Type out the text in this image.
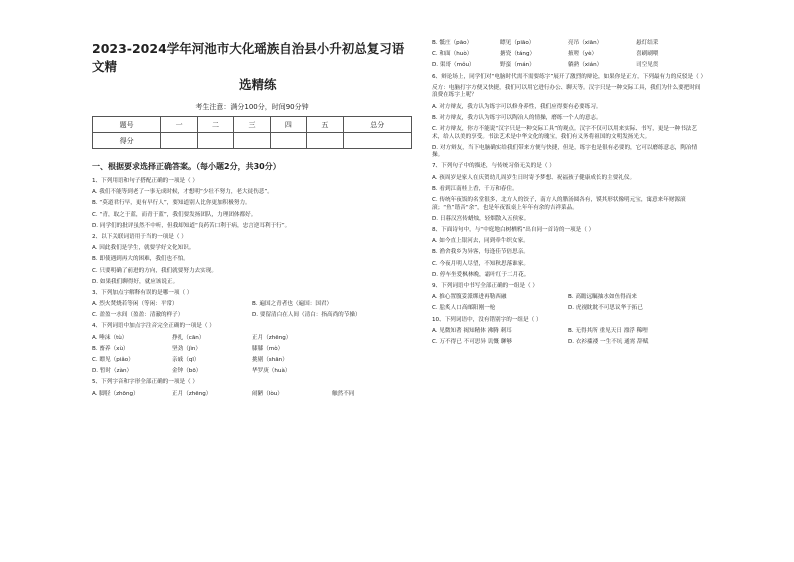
2023-2024学年河池市大化瑶族自治县小升初总复习语文精
选精练
考生注意：满分100分，时间90分钟
题号	一	二	三	四	五	总分
得分						
一、根据要求选择正确答案。（每小题2分，共30分）
1、下列用语和句子搭配正确的一项是（ ）
A. 我们不能等到老了一事无成时候，才想明“少壮不努力，老大徒伤悲”。
B. “莫道君行早，更有早行人”，要知道别人比你更加积极努力。
C. “青，取之于蓝，而青于蓝”，我们要发扬团队，力理团体都好。
D. 同学们的批评虽然不中听，但我却知道“良药苦口利于病，忠言逆耳利于行”。
2、以下关联词语用于当的一项是（ ）
A. 因此我们是学生，就要学好文化知识。
B. 即使遇到再大的困难，我们也不怕。
C. 只要明确了前进的方向，我们就要努力去实现。
D. 如果我们聊得好，就应该说正。
3、下列加点字解释有误的是哪一项（ ）
A. 烈火焚烧若等闲（等闲：平常）	B. 遍国之青者也（遍国：国君）
C. 盈盈一水间（盈盈：清澈的样子）	D. 要留清白在人间（清白：指高尚的节操）
4、下列词语中加点字注音完全正确的一项是（ ）
A. 唾沫（tù）	挣扎（cān）	正月（zhēng）
B. 畜养（xù）	坚劲（jìn）	膝膝（mò）
C. 瞟见（piǎo）	亲戚（qī）	挑剔（shān）
D. 暂时（zàn）	金钟（bō）	华罗庚（huà）
5、下列字音和字形全部正确的一项是（ ）
A. 脚胫（zhōng）	正月（zhēng）	闹陋（lòu）	触然不同
B. 骶庄（pāo）	瞟见（piāo）	亮吊（xiān）	悬灯结采
C. 和面（huò）	搪瓷（táng）	掖嗟（yè）	喜刷刷喂
D. 渠哥（mǒu）	野蛮（mán）	躺熟（xián）	司空见贯
6、辩论场上，同学们对“电脑时代需不需要练字”展开了激烈的辩论，如果你是正方，下列最有力的反驳是（ ）
反方：电脑打字方便又快捷，我们可以用它进行办公、聊天等。汉字只是一种交际工具，我们为什么要把时间浪费在练字上呢？
A. 对方辩友，我方认为练字可以修身养性，我们应得要有必要练习。
B. 对方辩友，我方认为练字可以陶冶人的情操，磨练一个人的意志。
C. 对方辩友，你方不能说“汉字只是一种交际工具”的观点。汉字不仅可以用来实际、书写，更是一种书法艺术，给人以美的享受。书法艺术是中华文化的瑰宝，我们有义务将祖国的文明发扬光大。
D. 对方辩友，当下电脑确实给我们带来方便与快捷，但是，练字也是很有必要的，它可以磨练意志，陶冶情操。
7、下列句子中的描述，与传统习俗无关的是（ ）
A. 孩周岁是家人在庆贺幼儿周岁生日时寄予梦想、祝福孩子健康成长的主要礼仪。
B. 看到江南桂上香，千万和春住。
C. 传统年夜饭的名堂很多，北方人的饺子，南方人的腊汤圆各有，馍其形状像明元宝，寓意来年财源滚滚；“鱼”谐音“余”，也是年夜饭桌上年年有余的吉祥菜品。
D. 日暮汉宫传蜡烛，轻烟散入五侯家。
8、下面诗句中，与“中庭地白树栖鸦”出自同一首诗的一项是（ ）
A. 如今直上银河去，同到牵牛织女家。
B. 渔舍我乡为异客，每逢佳节倍思亲。
C. 今夜月明人尽望，不知秋思落谁家。
D. 停车坐爱枫林晚，霜叶红于二月花。
9、下列词语中书写全部正确的一组是（ ）
A. 推心置腹妥派绑进再勒西融	B. 高瞻远瞩抽水如鱼得而来
C. 脍炙人口高邮阳刚一枪	D. 虎视眈眈不可思议华于拓已
10、下列词语中，没有错别字的一组是（ ）
A. 见微知著 揭知精体 沸腾 刺耳	B. 无得其所 重见天日 漂浮 稀哩
C. 万不得已 不可思异 讥慨 聊够	D. 衣衫褴褛 一生不坑 通霄 辞赋
